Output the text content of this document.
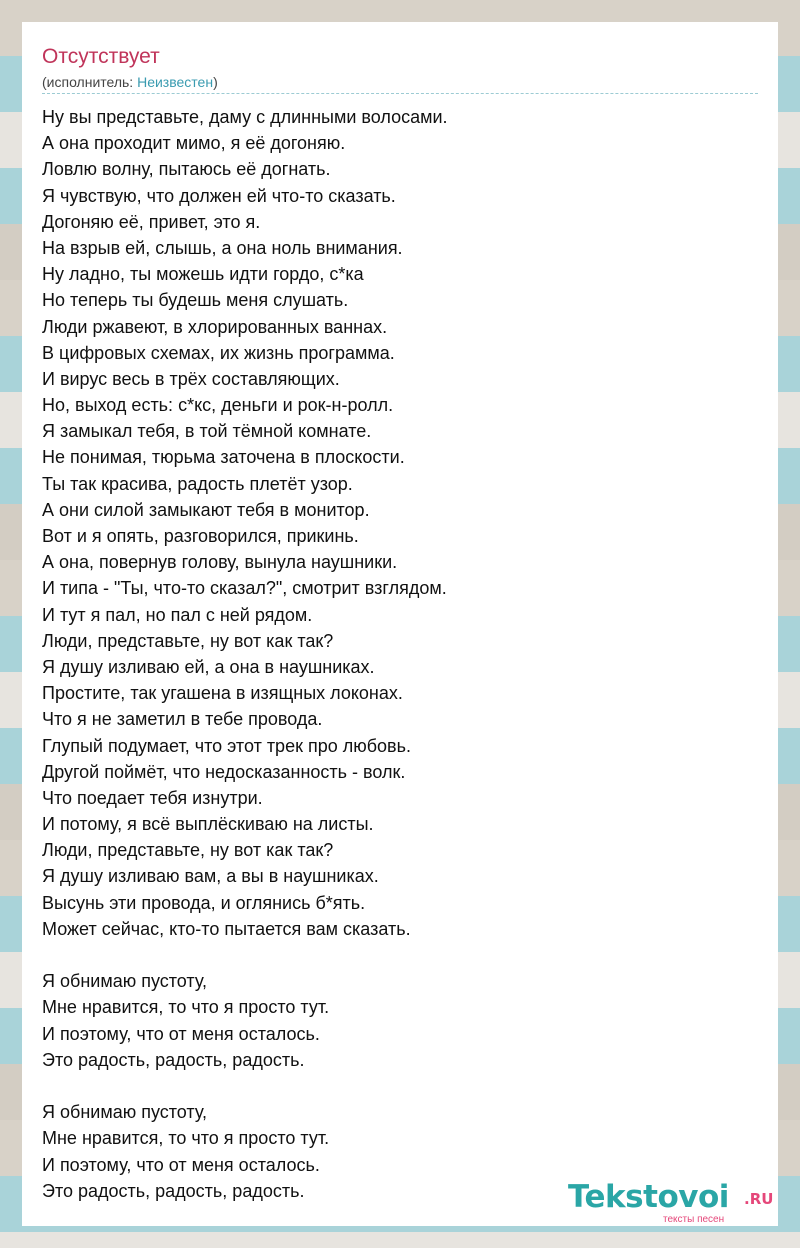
Отсутствует
(исполнитель: Неизвестен)
Ну вы представьте, даму с длинными волосами.
А она проходит мимо, я её догоняю.
Ловлю волну, пытаюсь её догнать.
Я чувствую, что должен ей что-то сказать.
Догоняю её, привет, это я.
На взрыв ей, слышь, а она ноль внимания.
Ну ладно, ты можешь идти гордо, с*ка
Но теперь ты будешь меня слушать.
Люди ржавеют, в хлорированных ваннах.
В цифровых схемах, их жизнь программа.
И вирус весь в трёх составляющих.
Но, выход есть: с*кс, деньги и рок-н-ролл.
Я замыкал тебя, в той тёмной комнате.
Не понимая, тюрьма заточена в плоскости.
Ты так красива, радость плетёт узор.
А они силой замыкают тебя в монитор.
Вот и я опять, разговорился, прикинь.
А она, повернув голову, вынула наушники.
И типа - "Ты, что-то сказал?", смотрит взглядом.
И тут я пал, но пал с ней рядом.
Люди, представьте, ну вот как так?
Я душу изливаю ей, а она в наушниках.
Простите, так угашена в изящных локонах.
Что я не заметил в тебе провода.
Глупый подумает, что этот трек про любовь.
Другой поймёт, что недосказанность - волк.
Что поедает тебя изнутри.
И потому, я всё выплёскиваю на листы.
Люди, представьте, ну вот как так?
Я душу изливаю вам, а вы в наушниках.
Высунь эти провода, и оглянись б*ять.
Может сейчас, кто-то пытается вам сказать.
Я обнимаю пустоту,
Мне нравится, то что я просто тут.
И поэтому, что от меня осталось.
Это радость, радость, радость.
Я обнимаю пустоту,
Мне нравится, то что я просто тут.
И поэтому, что от меня осталось.
Это радость, радость, радость.	Tekstovoi .RU
тексты песен
